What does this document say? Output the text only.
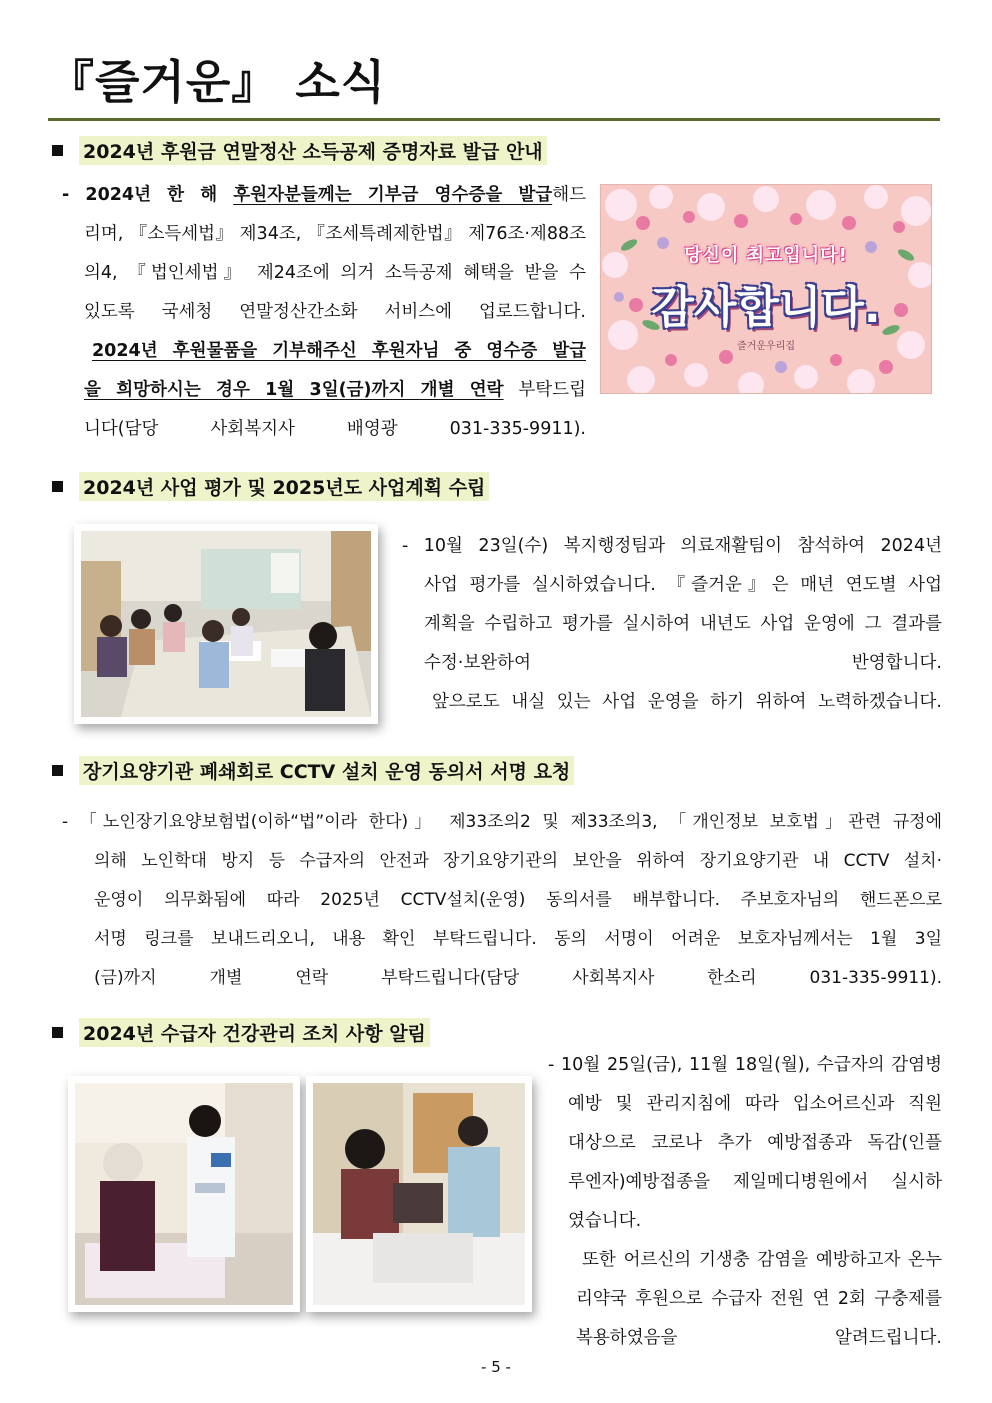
『즐거운』 소식
2024년 후원금 연말정산 소득공제 증명자료 발급 안내
- 2024년 한 해 후원자분들께는 기부금 영수증을 발급해드
리며, 『소득세법』 제34조, 『조세특례제한법』 제76조·제88조
의4, 『법인세법』 제24조에 의거 소득공제 혜택을 받을 수
있도록 국세청 연말정산간소화 서비스에 업로드합니다.
2024년 후원물품을 기부해주신 후원자님 중 영수증 발급
을 희망하시는 경우 1월 3일(금)까지 개별 연락 부탁드립
니다(담당 사회복지사 배영광 031-335-9911).
당신이 최고입니다!
감사합니다.
즐거운우리집
2024년 사업 평가 및 2025년도 사업계획 수립
- 10월 23일(수) 복지행정팀과 의료재활팀이 참석하여 2024년
사업 평가를 실시하였습니다. 『즐거운』은 매년 연도별 사업
계획을 수립하고 평가를 실시하여 내년도 사업 운영에 그 결과를
수정·보완하여 반영합니다.
앞으로도 내실 있는 사업 운영을 하기 위하여 노력하겠습니다.
장기요양기관 폐쇄회로 CCTV 설치 운영 동의서 서명 요청
- 「노인장기요양보험법(이하“법”이라 한다)」 제33조의2 및 제33조의3, 「개인정보 보호법」관련 규정에
의해 노인학대 방지 등 수급자의 안전과 장기요양기관의 보안을 위하여 장기요양기관 내 CCTV 설치·
운영이 의무화됨에 따라 2025년 CCTV설치(운영) 동의서를 배부합니다. 주보호자님의 핸드폰으로
서명 링크를 보내드리오니, 내용 확인 부탁드립니다. 동의 서명이 어려운 보호자님께서는 1월 3일
(금)까지 개별 연락 부탁드립니다(담당 사회복지사 한소리 031-335-9911).
2024년 수급자 건강관리 조치 사항 알림
- 10월 25일(금), 11월 18일(월), 수급자의 감염병
예방 및 관리지침에 따라 입소어르신과 직원
대상으로 코로나 추가 예방접종과 독감(인플
루엔자)예방접종을 제일메디병원에서 실시하
였습니다.
또한 어르신의 기생충 감염을 예방하고자 온누
리약국 후원으로 수급자 전원 연 2회 구충제를
복용하였음을 알려드립니다.
- 5 -
